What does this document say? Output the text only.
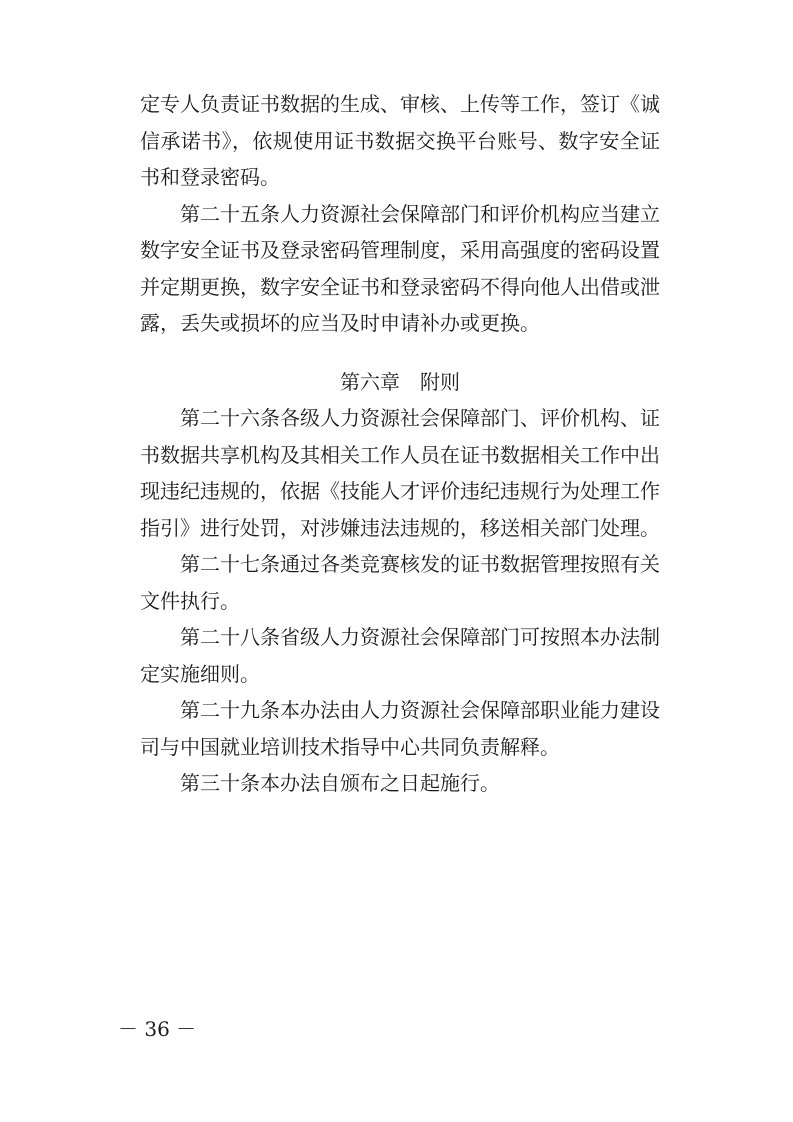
定专人负责证书数据的生成、审核、上传等工作，签订《诚信承诺书》，依规使用证书数据交换平台账号、数字安全证书和登录密码。

第二十五条人力资源社会保障部门和评价机构应当建立数字安全证书及登录密码管理制度，采用高强度的密码设置并定期更换，数字安全证书和登录密码不得向他人出借或泄露，丢失或损坏的应当及时申请补办或更换。

第六章　附则

第二十六条各级人力资源社会保障部门、评价机构、证书数据共享机构及其相关工作人员在证书数据相关工作中出现违纪违规的，依据《技能人才评价违纪违规行为处理工作指引》进行处罚，对涉嫌违法违规的，移送相关部门处理。

第二十七条通过各类竞赛核发的证书数据管理按照有关文件执行。

第二十八条省级人力资源社会保障部门可按照本办法制定实施细则。

第二十九条本办法由人力资源社会保障部职业能力建设司与中国就业培训技术指导中心共同负责解释。

第三十条本办法自颁布之日起施行。

－ 36 －
